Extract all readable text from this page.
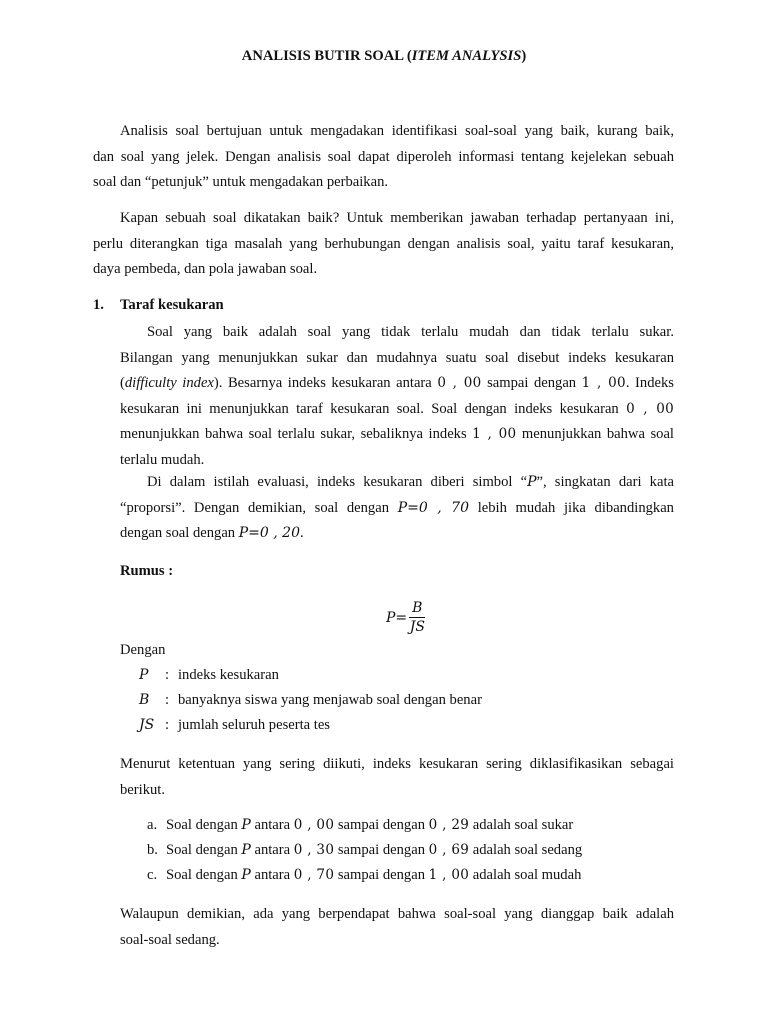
ANALISIS BUTIR SOAL (ITEM ANALYSIS)
Analisis soal bertujuan untuk mengadakan identifikasi soal-soal yang baik, kurang baik,
dan soal yang jelek. Dengan analisis soal dapat diperoleh informasi tentang kejelekan sebuah
soal dan “petunjuk” untuk mengadakan perbaikan.
Kapan sebuah soal dikatakan baik? Untuk memberikan jawaban terhadap pertanyaan ini,
perlu diterangkan tiga masalah yang berhubungan dengan analisis soal, yaitu taraf kesukaran,
daya pembeda, dan pola jawaban soal.
1. Taraf kesukaran
Soal yang baik adalah soal yang tidak terlalu mudah dan tidak terlalu sukar.
Bilangan yang menunjukkan sukar dan mudahnya suatu soal disebut indeks kesukaran
(difficulty index). Besarnya indeks kesukaran antara 0 , 00 sampai dengan 1 , 00. Indeks
kesukaran ini menunjukkan taraf kesukaran soal. Soal dengan indeks kesukaran 0 , 00
menunjukkan bahwa soal terlalu sukar, sebaliknya indeks 1 , 00 menunjukkan bahwa soal
terlalu mudah.
Di dalam istilah evaluasi, indeks kesukaran diberi simbol “P”, singkatan dari kata
“proporsi”. Dengan demikian, soal dengan P=0 , 70 lebih mudah jika dibandingkan
dengan soal dengan P=0 , 20.
Rumus :
$P= \frac{B}{JS}$
Dengan
P	: indeks kesukaran
B	: banyaknya siswa yang menjawab soal dengan benar
JS : jumlah seluruh peserta tes
Menurut ketentuan yang sering diikuti, indeks kesukaran sering diklasifikasikan sebagai
berikut.
a. Soal dengan P antara 0 , 00 sampai dengan 0 , 29 adalah soal sukar
b. Soal dengan P antara 0 , 30 sampai dengan 0 , 69 adalah soal sedang
c. Soal dengan P antara 0 , 70 sampai dengan 1 , 00 adalah soal mudah
Walaupun demikian, ada yang berpendapat bahwa soal-soal yang dianggap baik adalah
soal-soal sedang.
